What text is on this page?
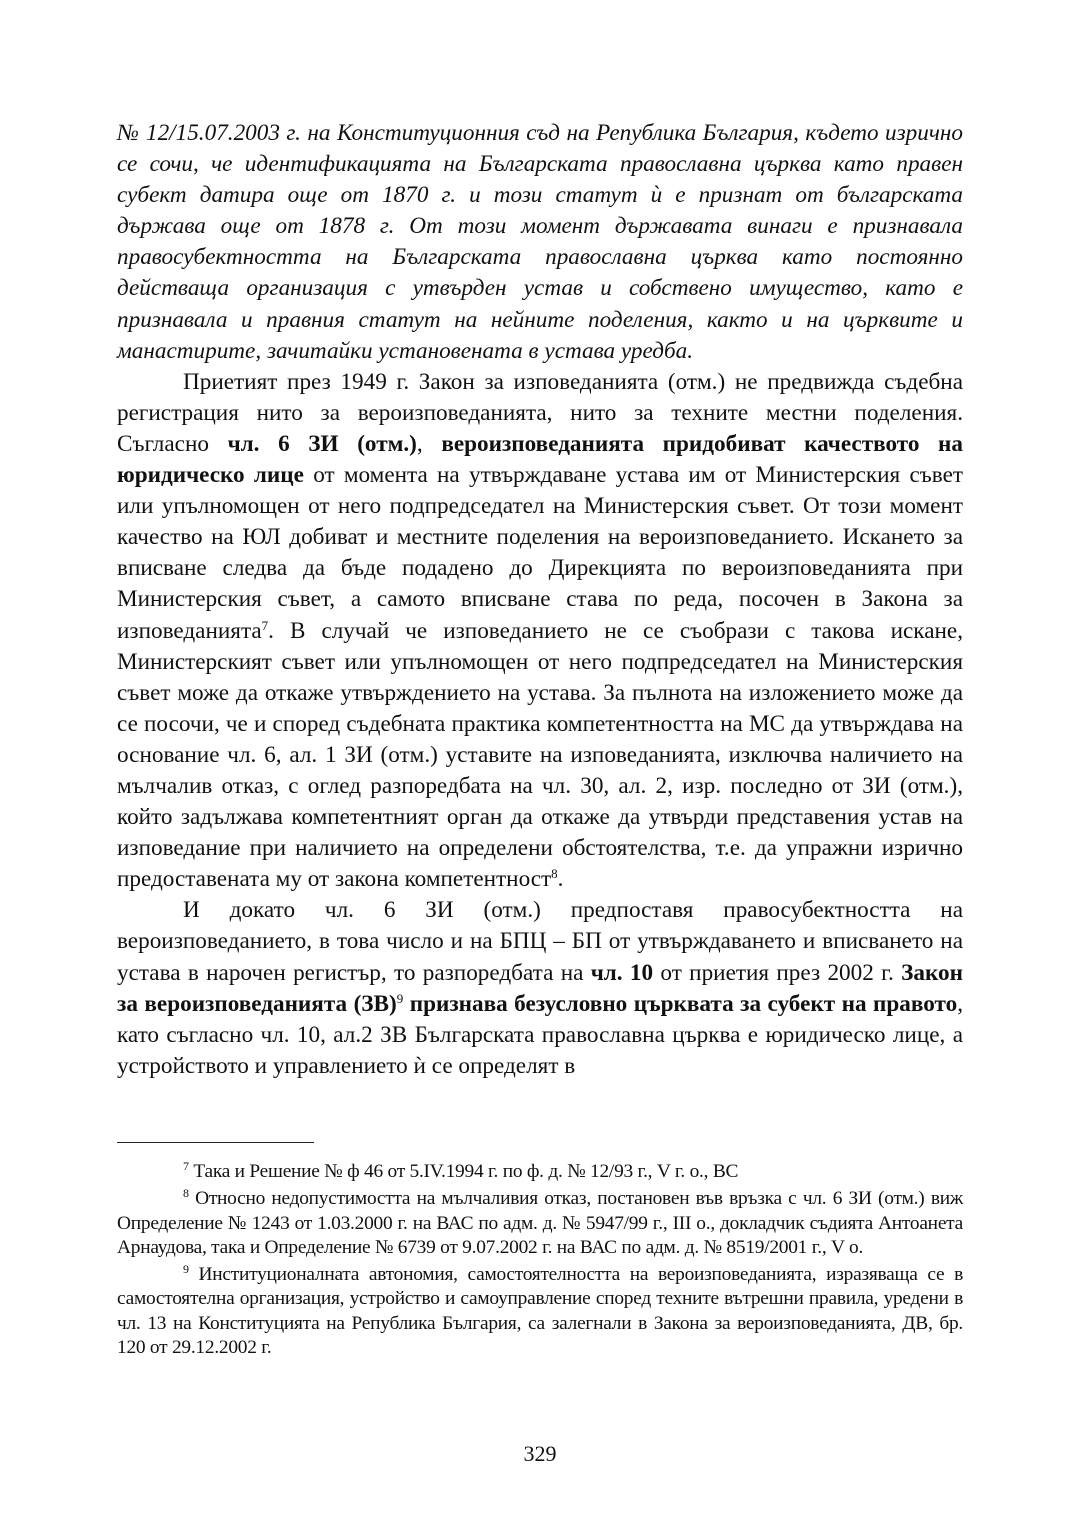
№ 12/15.07.2003 г. на Конституционния съд на Република България, където изрично се сочи, че идентификацията на Българската православна църква като правен субект датира още от 1870 г. и този статут ѝ е признат от българската държава още от 1878 г. От този момент държавата винаги е признавала правосубектността на Българската православна църква като постоянно действаща организация с утвърден устав и собствено имущество, като е признавала и правния статут на нейните поделения, както и на църквите и манастирите, зачитайки установената в устава уредба.

Приетият през 1949 г. Закон за изповеданията (отм.) не предвижда съдебна регистрация нито за вероизповеданията, нито за техните местни поделения. Съгласно чл. 6 ЗИ (отм.), вероизповеданията придобиват качеството на юридическо лице от момента на утвърждаване устава им от Министерския съвет или упълномощен от него подпредседател на Министерския съвет. От този момент качество на ЮЛ добиват и местните поделения на вероизповеданието. Искането за вписване следва да бъде подадено до Дирекцията по вероизповеданията при Министерския съвет, а самото вписване става по реда, посочен в Закона за изповеданията$^7$. В случай че изповеданието не се съобрази с такова искане, Министерският съвет или упълномощен от него подпредседател на Министерския съвет може да откаже утвърждението на устава. За пълнота на изложението може да се посочи, че и според съдебната практика компетентността на МС да утвърждава на основание чл. 6, ал. 1 ЗИ (отм.) уставите на изповеданията, изключва наличието на мълчалив отказ, с оглед разпоредбата на чл. 30, ал. 2, изр. последно от ЗИ (отм.), който задължава компетентният орган да откаже да утвърди представения устав на изповедание при наличието на определени обстоятелства, т.е. да упражни изрично предоставената му от закона компетентност$^8$.

И докато чл. 6 ЗИ (отм.) предпоставя правосубектността на вероизповеданието, в това число и на БПЦ – БП от утвърждаването и вписването на устава в нарочен регистър, то разпоредбата на чл. 10 от приетия през 2002 г. Закон за вероизповеданията (ЗВ)$^9$ признава безусловно църквата за субект на правото, като съгласно чл. 10, ал.2 ЗВ Българската православна църква е юридическо лице, а устройството и управлението ѝ се определят в

$^7$ Така и Решение № ф 46 от 5.IV.1994 г. по ф. д. № 12/93 г., V г. о., ВС

$^8$ Относно недопустимостта на мълчаливия отказ, постановен във връзка с чл. 6 ЗИ (отм.) виж Определение № 1243 от 1.03.2000 г. на ВАС по адм. д. № 5947/99 г., III о., докладчик съдията Антоанета Арнаудова, така и Определение № 6739 от 9.07.2002 г. на ВАС по адм. д. № 8519/2001 г., V о.

$^9$ Институционалната автономия, самостоятелността на вероизповеданията, изразяваща се в самостоятелна организация, устройство и самоуправление според техните вътрешни правила, уредени в чл. 13 на Конституцията на Република България, са залегнали в Закона за вероизповеданията, ДВ, бр. 120 от 29.12.2002 г.

329
